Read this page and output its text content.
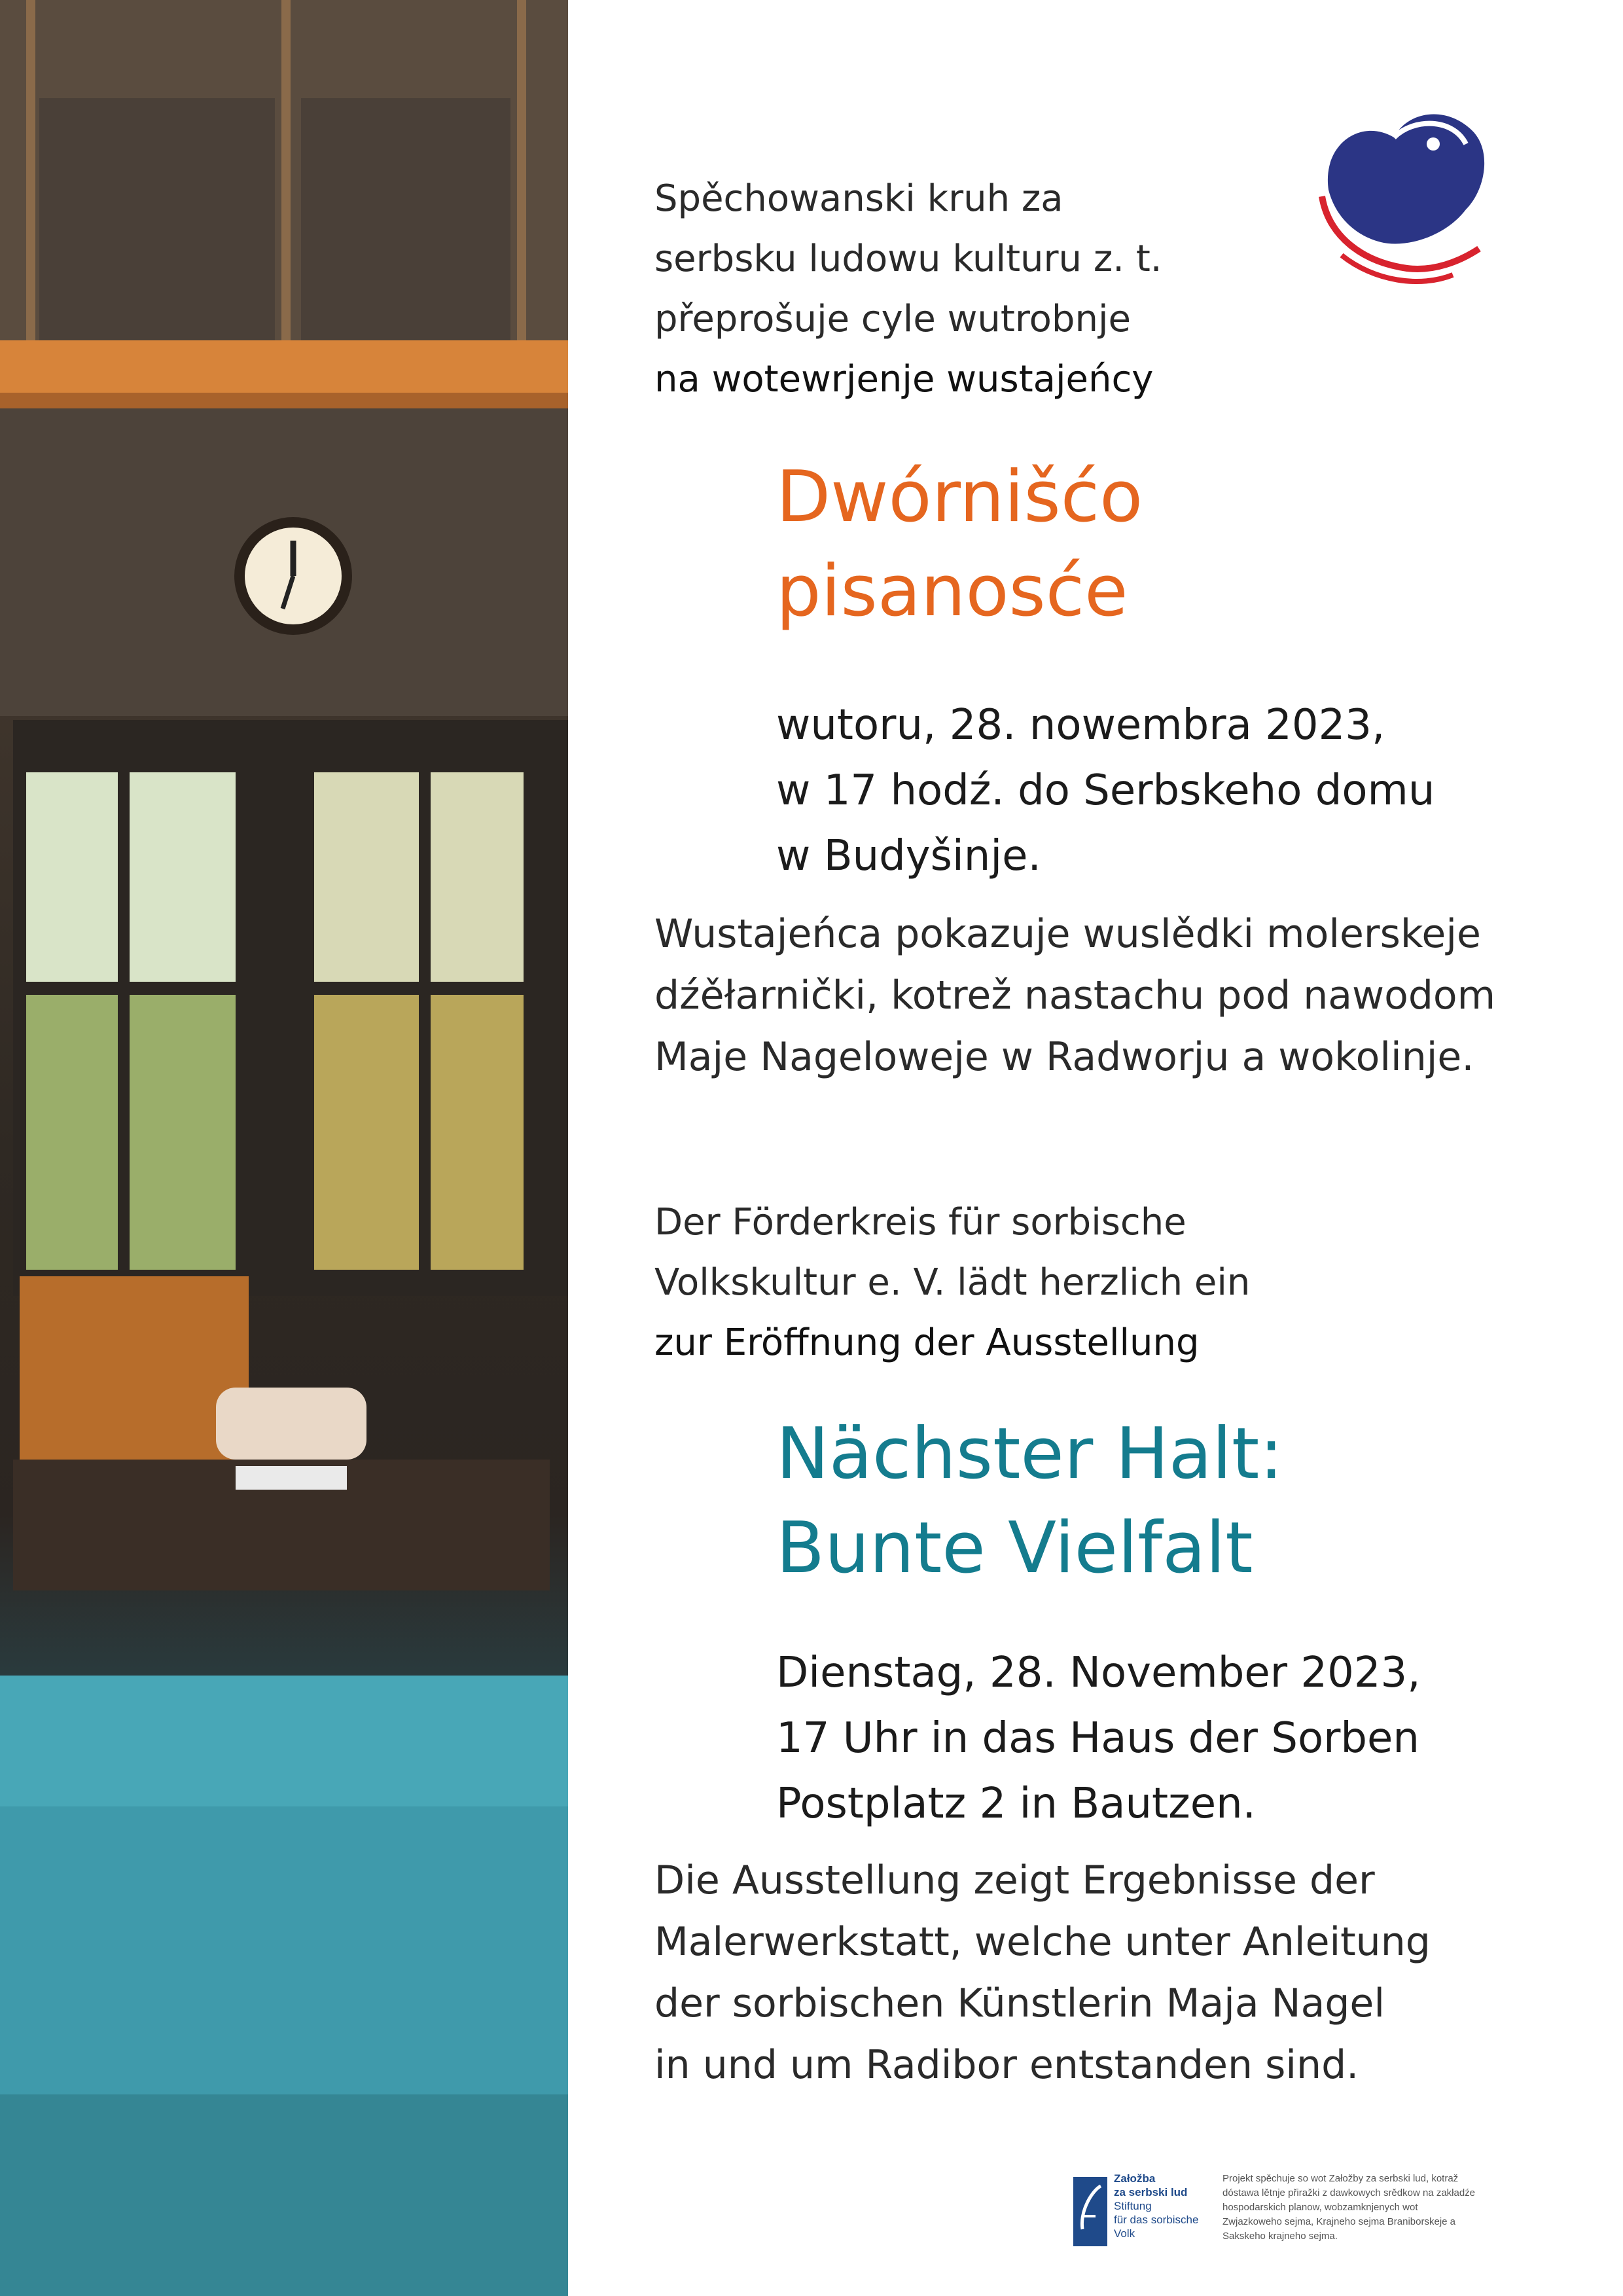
Spěchowanski kruh za
serbsku ludowu kulturu z. t.
přeprošuje cyle wutrobnje
na wotewrjenje wustajeńcy
Dwórnišćo
pisanosće
wutoru, 28. nowembra 2023,
w 17 hodź. do Serbskeho domu
w Budyšinje.
Wustajeńca pokazuje wuslědki molerskeje
dźěłarnički, kotrež nastachu pod nawodom
Maje Nageloweje w Radworju a wokolinje.
Der Förderkreis für sorbische
Volkskultur e. V. lädt herzlich ein
zur Eröffnung der Ausstellung
Nächster Halt:
Bunte Vielfalt
Dienstag, 28. November 2023,
17 Uhr in das Haus der Sorben
Postplatz 2 in Bautzen.
Die Ausstellung zeigt Ergebnisse der
Malerwerkstatt, welche unter Anleitung
der sorbischen Künstlerin Maja Nagel
in und um Radibor entstanden sind.
Załožba
za serbski lud
Stiftung
für das sorbische
Volk
Projekt spěchuje so wot Załožby za serbski lud, kotraž
dóstawa lětnje přiražki z dawkowych srědkow na zakładźe
hospodarskich planow, wobzamknjenych wot
Zwjazkoweho sejma, Krajneho sejma Braniborskeje a
Sakskeho krajneho sejma.
